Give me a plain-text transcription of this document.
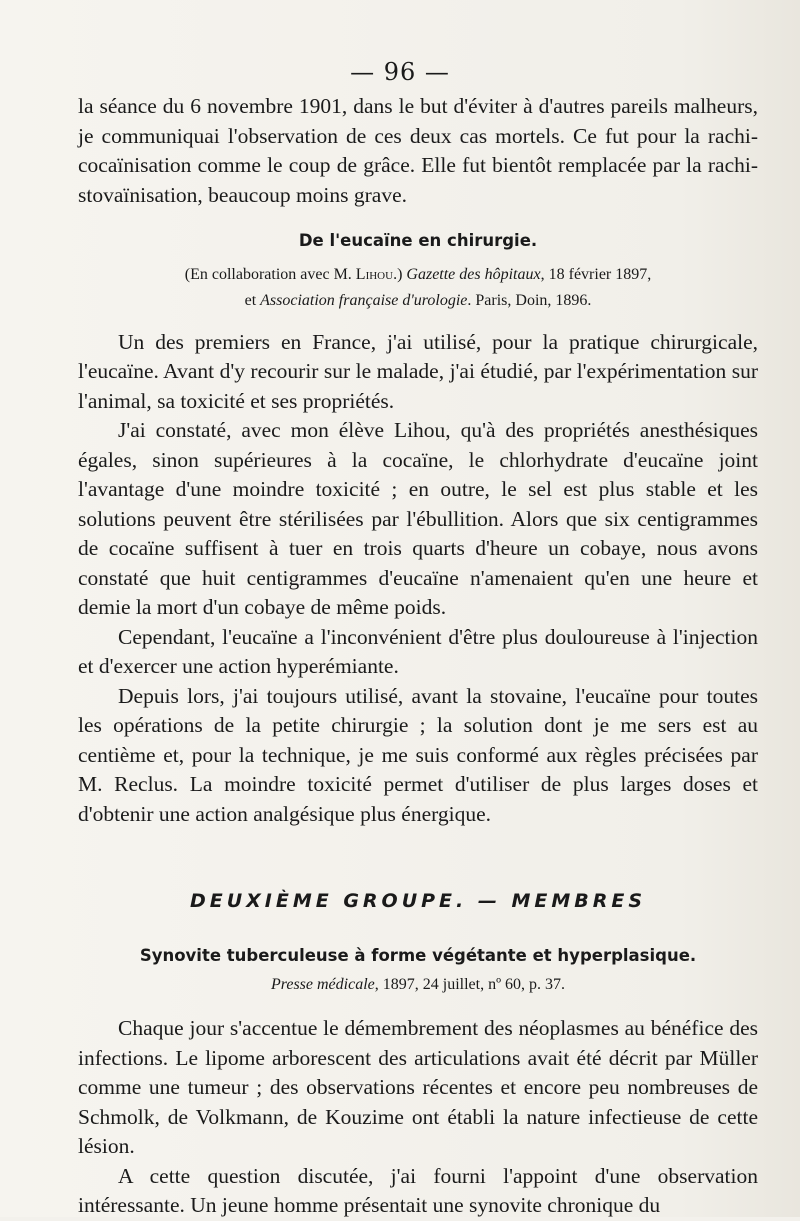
— 96 —

la séance du 6 novembre 1901, dans le but d'éviter à d'autres pareils malheurs, je communiquai l'observation de ces deux cas mortels. Ce fut pour la rachi-cocaïnisation comme le coup de grâce. Elle fut bientôt remplacée par la rachi-stovaïnisation, beaucoup moins grave.

De l'eucaïne en chirurgie.
(En collaboration avec M. Lihou.) Gazette des hôpitaux, 18 février 1897,
et Association française d'urologie. Paris, Doin, 1896.

Un des premiers en France, j'ai utilisé, pour la pratique chirurgicale, l'eucaïne. Avant d'y recourir sur le malade, j'ai étudié, par l'expérimentation sur l'animal, sa toxicité et ses propriétés.

J'ai constaté, avec mon élève Lihou, qu'à des propriétés anesthésiques égales, sinon supérieures à la cocaïne, le chlorhydrate d'eucaïne joint l'avantage d'une moindre toxicité ; en outre, le sel est plus stable et les solutions peuvent être stérilisées par l'ébullition. Alors que six centigrammes de cocaïne suffisent à tuer en trois quarts d'heure un cobaye, nous avons constaté que huit centigrammes d'eucaïne n'amenaient qu'en une heure et demie la mort d'un cobaye de même poids.

Cependant, l'eucaïne a l'inconvénient d'être plus douloureuse à l'injection et d'exercer une action hyperémiante.

Depuis lors, j'ai toujours utilisé, avant la stovaine, l'eucaïne pour toutes les opérations de la petite chirurgie ; la solution dont je me sers est au centième et, pour la technique, je me suis conformé aux règles précisées par M. Reclus. La moindre toxicité permet d'utiliser de plus larges doses et d'obtenir une action analgésique plus énergique.

DEUXIÈME GROUPE. — MEMBRES
Synovite tuberculeuse à forme végétante et hyperplasique.
Presse médicale, 1897, 24 juillet, nº 60, p. 37.

Chaque jour s'accentue le démembrement des néoplasmes au bénéfice des infections. Le lipome arborescent des articulations avait été décrit par Müller comme une tumeur ; des observations récentes et encore peu nombreuses de Schmolk, de Volkmann, de Kouzime ont établi la nature infectieuse de cette lésion.

A cette question discutée, j'ai fourni l'appoint d'une observation intéressante. Un jeune homme présentait une synovite chronique du
